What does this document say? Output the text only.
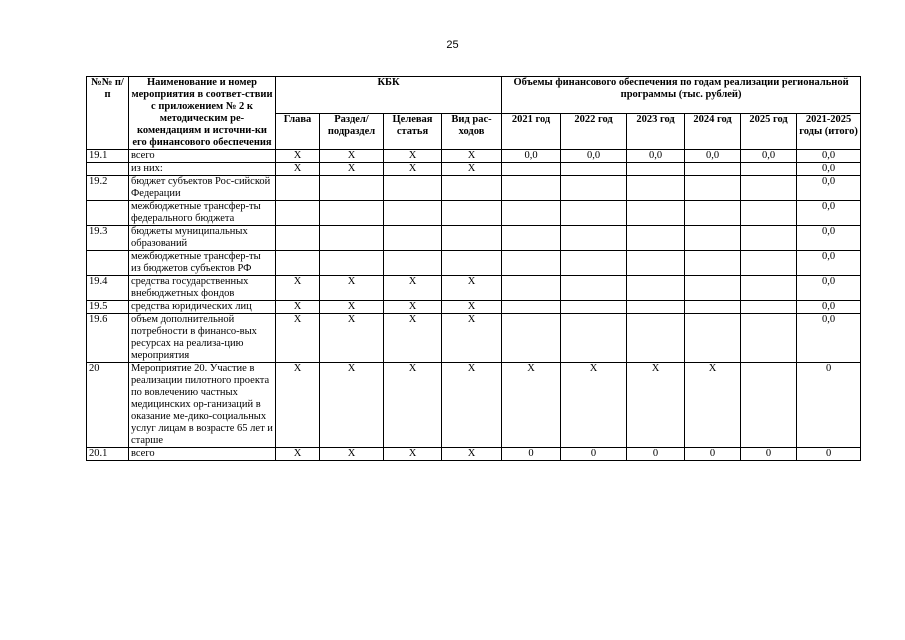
25
№№ п/п	Наименование и номер мероприятия в соответ-ствии с приложением № 2 к методическим ре-комендациям и источни-ки его финансового обеспечения	КБК				Объемы финансового обеспечения по годам реализации региональной программы (тыс. рублей)					
		Глава	Раздел/ подраздел	Целевая статья	Вид рас-ходов	2021 год	2022 год	2023 год	2024 год	2025 год	2021-2025 годы (итого)
19.1	всего	X	X	X	X	0,0	0,0	0,0	0,0	0,0	0,0
	из них:	X	X	X	X						0,0
19.2	бюджет субъектов Рос-сийской Федерации										0,0
	межбюджетные трансфер-ты федерального бюджета										0,0
19.3	бюджеты муниципальных образований										0,0
	межбюджетные трансфер-ты из бюджетов субъектов РФ										0,0
19.4	средства государственных внебюджетных фондов	X	X	X	X						0,0
19.5	средства юридических лиц	X	X	X	X						0,0
19.6	объем дополнительной потребности в финансо-вых ресурсах на реализа-цию мероприятия	X	X	X	X						0,0
20	Мероприятие 20. Участие в реализации пилотного проекта по вовлечению частных медицинских ор-ганизаций в оказание ме-дико-социальных услуг лицам в возрасте 65 лет и старше	X	X	X	X	X	X	X	X		0
20.1	всего	X	X	X	X	0	0	0	0	0	0
